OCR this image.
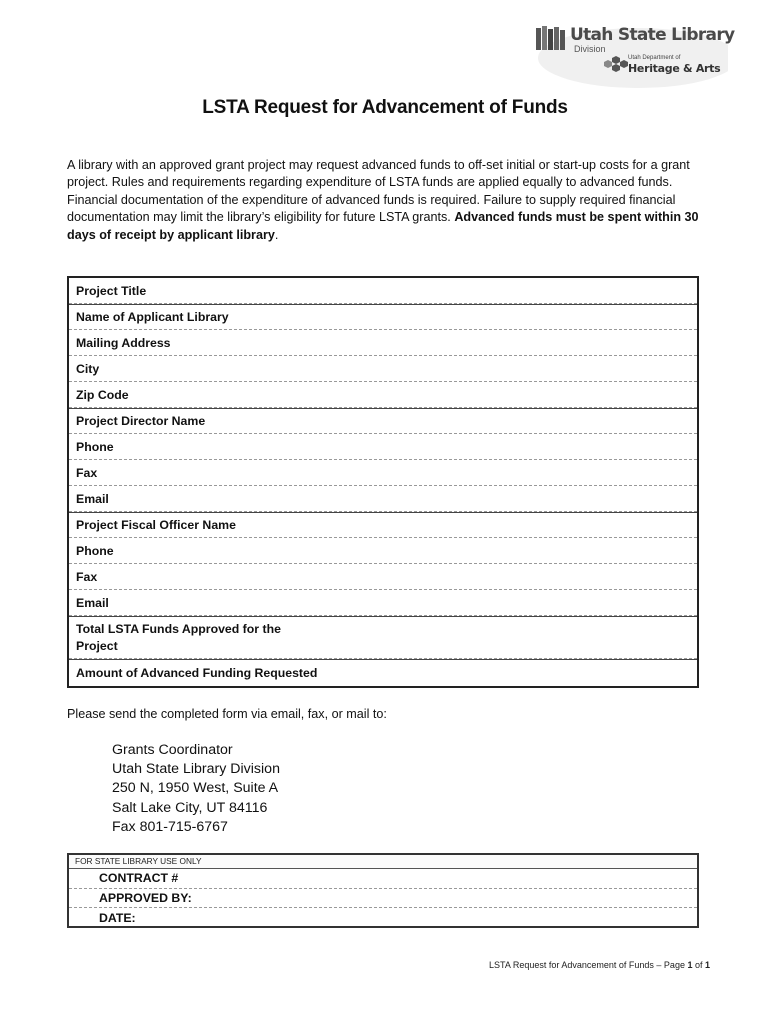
Utah State Library
Division
Utah Department of
Heritage & Arts
LSTA Request for Advancement of Funds
A library with an approved grant project may request advanced funds to off-set initial or start-up costs for a grant project. Rules and requirements regarding expenditure of LSTA funds are applied equally to advanced funds. Financial documentation of the expenditure of advanced funds is required. Failure to supply required financial documentation may limit the library’s eligibility for future LSTA grants. Advanced funds must be spent within 30 days of receipt by applicant library.
Project Title
Name of Applicant Library
Mailing Address
City
Zip Code
Project Director Name
Phone
Fax
Email
Project Fiscal Officer Name
Phone
Fax
Email
Total LSTA Funds Approved for the Project
Amount of Advanced Funding Requested
Please send the completed form via email, fax, or mail to:
Grants Coordinator
Utah State Library Division
250 N, 1950 West, Suite A
Salt Lake City, UT 84116
Fax 801-715-6767
FOR STATE LIBRARY USE ONLY
CONTRACT #
APPROVED BY:
DATE:
LSTA Request for Advancement of Funds – Page 1 of 1
